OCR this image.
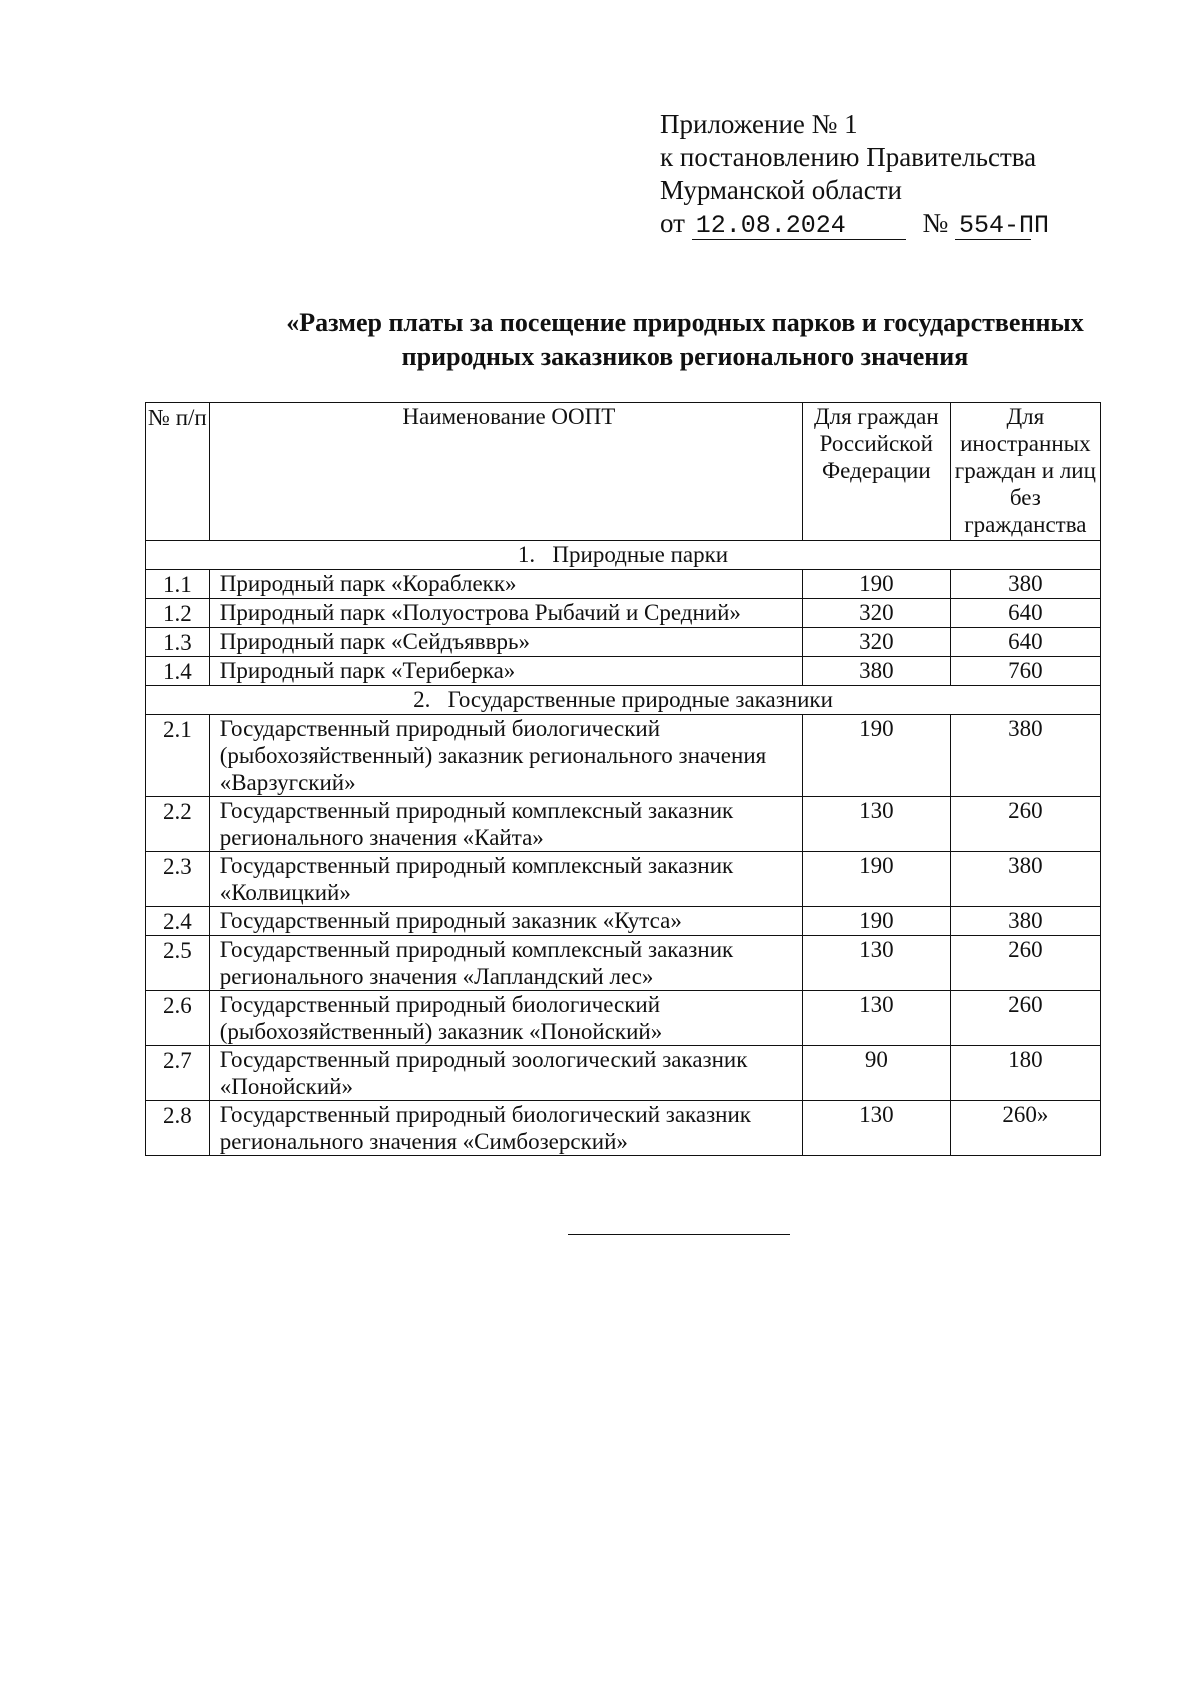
Приложение № 1
к постановлению Правительства
Мурманской области
от 12.08.2024	№ 554-ПП
«Размер платы за посещение природных парков и государственных
природных заказников регионального значения
№ п/п	Наименование ООПТ	Для граждан Российской Федерации	Для иностранных граждан и лиц без гражданства
1.   Природные парки			
1.1	Природный парк «Кораблекк»	190	380
1.2	Природный парк «Полуострова Рыбачий и Средний»	320	640
1.3	Природный парк «Сейдъявврь»	320	640
1.4	Природный парк «Териберка»	380	760
2.   Государственные природные заказники			
2.1	Государственный природный биологический (рыбохозяйственный) заказник регионального значения «Варзугский»	190	380
2.2	Государственный природный комплексный заказник регионального значения «Кайта»	130	260
2.3	Государственный природный комплексный заказник «Колвицкий»	190	380
2.4	Государственный природный заказник «Кутса»	190	380
2.5	Государственный природный комплексный заказник регионального значения «Лапландский лес»	130	260
2.6	Государственный природный биологический (рыбохозяйственный) заказник «Понойский»	130	260
2.7	Государственный природный зоологический заказник «Понойский»	90	180
2.8	Государственный природный биологический заказник регионального значения «Симбозерский»	130	260»
